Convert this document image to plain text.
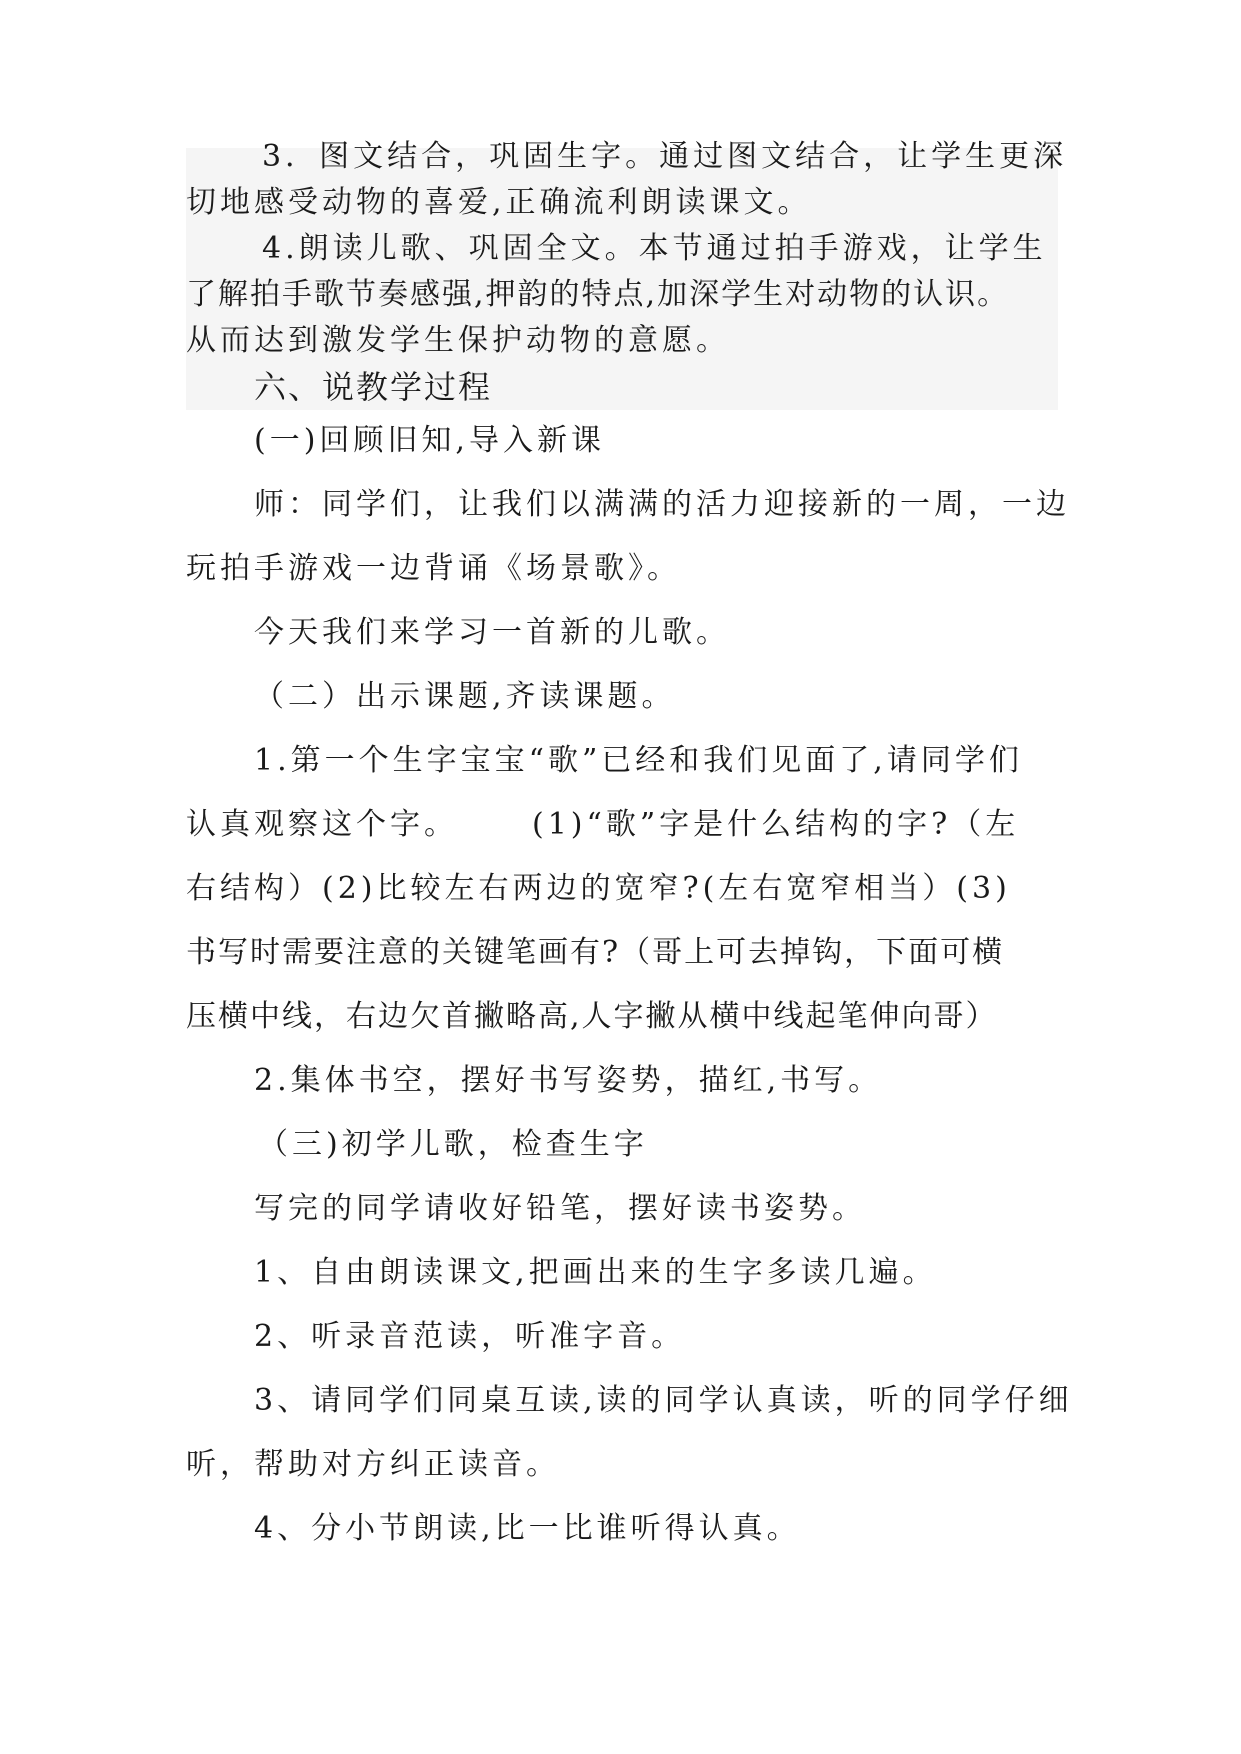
3．图文结合，巩固生字。通过图文结合，让学生更深

切地感受动物的喜爱,正确流利朗读课文。

4.朗读儿歌、巩固全文。本节通过拍手游戏，让学生

了解拍手歌节奏感强,押韵的特点,加深学生对动物的认识。

从而达到激发学生保护动物的意愿。

六、说教学过程

(一)回顾旧知,导入新课

师：同学们，让我们以满满的活力迎接新的一周，一边

玩拍手游戏一边背诵《场景歌》。

今天我们来学习一首新的儿歌。

（二）出示课题,齐读课题。

1.第一个生字宝宝“歌”已经和我们见面了,请同学们

认真观察这个字。 (1)“歌”字是什么结构的字?（左

右结构）(2)比较左右两边的宽窄?(左右宽窄相当）(3)

书写时需要注意的关键笔画有?（哥上可去掉钩，下面可横

压横中线，右边欠首撇略高,人字撇从横中线起笔伸向哥）

2.集体书空，摆好书写姿势，描红,书写。

（三)初学儿歌，检查生字

写完的同学请收好铅笔，摆好读书姿势。

1、自由朗读课文,把画出来的生字多读几遍。

2、听录音范读，听准字音。

3、请同学们同桌互读,读的同学认真读，听的同学仔细

听，帮助对方纠正读音。

4、分小节朗读,比一比谁听得认真。
